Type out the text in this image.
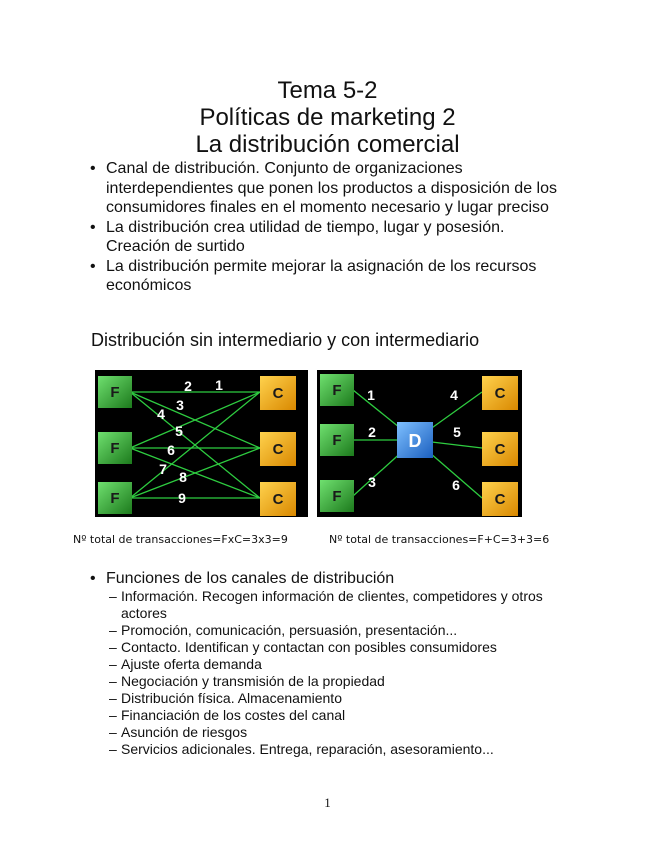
Tema 5-2
Políticas de marketing 2
La distribución comercial
• Canal de distribución. Conjunto de organizaciones interdependientes que ponen los productos a disposición de los consumidores finales en el momento necesario y lugar preciso
• La distribución crea utilidad de tiempo, lugar y posesión. Creación de surtido
• La distribución permite mejorar la asignación de los recursos económicos
Distribución sin intermediario y con intermediario
F
F
F
C
C
C
1
2
3
4
5
6
7 8
9
F
F
F
C
C
C
D
1
2
3
4
5
6
Nº total de transacciones=FxC=3x3=9	Nº total de transacciones=F+C=3+3=6
• Funciones de los canales de distribución
– Información. Recogen información de clientes, competidores y otros actores
– Promoción, comunicación, persuasión, presentación...
– Contacto. Identifican y contactan con posibles consumidores
– Ajuste oferta demanda
– Negociación y transmisión de la propiedad
– Distribución física. Almacenamiento
– Financiación de los costes del canal
– Asunción de riesgos
– Servicios adicionales. Entrega, reparación, asesoramiento...
1
